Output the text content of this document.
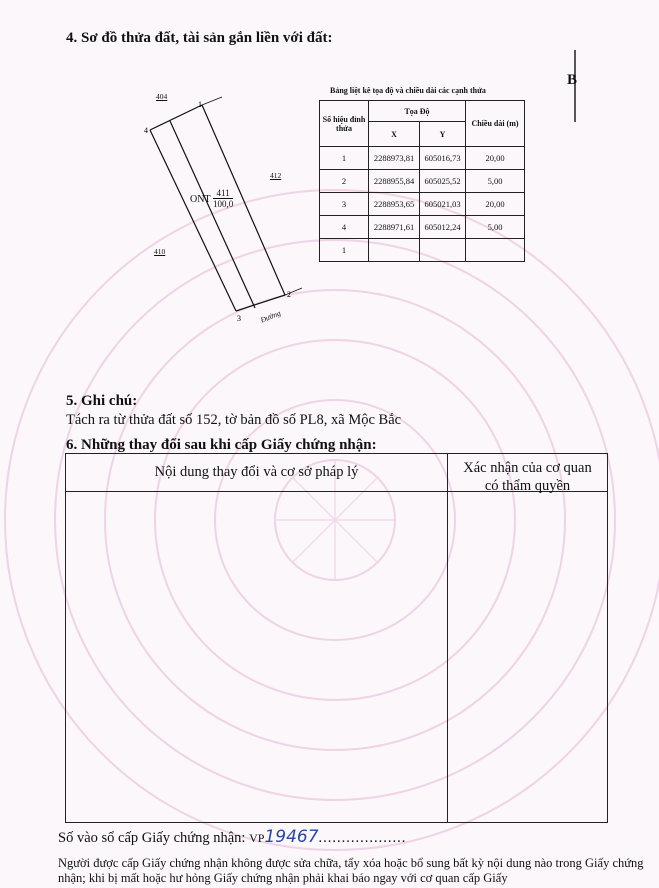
4. Sơ đồ thửa đất, tài sản gắn liền với đất:
4
1
2
3
404
412
410
ONT $\frac{411}{100,0}$
Đường
B
Bảng liệt kê tọa độ và chiều dài các cạnh thửa
Số hiệu đỉnh thửa	Tọa Độ		Chiều dài (m)
	X	Y	
1	2288973,81	605016,73	20,00
2	2288955,84	605025,52	5,00
3	2288953,65	605021,03	20,00
4	2288971,61	605012,24	5,00
1			
5. Ghi chú:
Tách ra từ thửa đất số 152, tờ bản đồ số PL8, xã Mộc Bắc
6. Những thay đổi sau khi cấp Giấy chứng nhận:
Nội dung thay đổi và cơ sở pháp lý	Xác nhận của cơ quan
có thẩm quyền
Số vào sổ cấp Giấy chứng nhận: VP19467...................
Người được cấp Giấy chứng nhận không được sửa chữa, tẩy xóa hoặc bổ sung bất kỳ nội dung nào trong Giấy chứng nhận; khi bị mất hoặc hư hỏng Giấy chứng nhận phải khai báo ngay với cơ quan cấp Giấy
